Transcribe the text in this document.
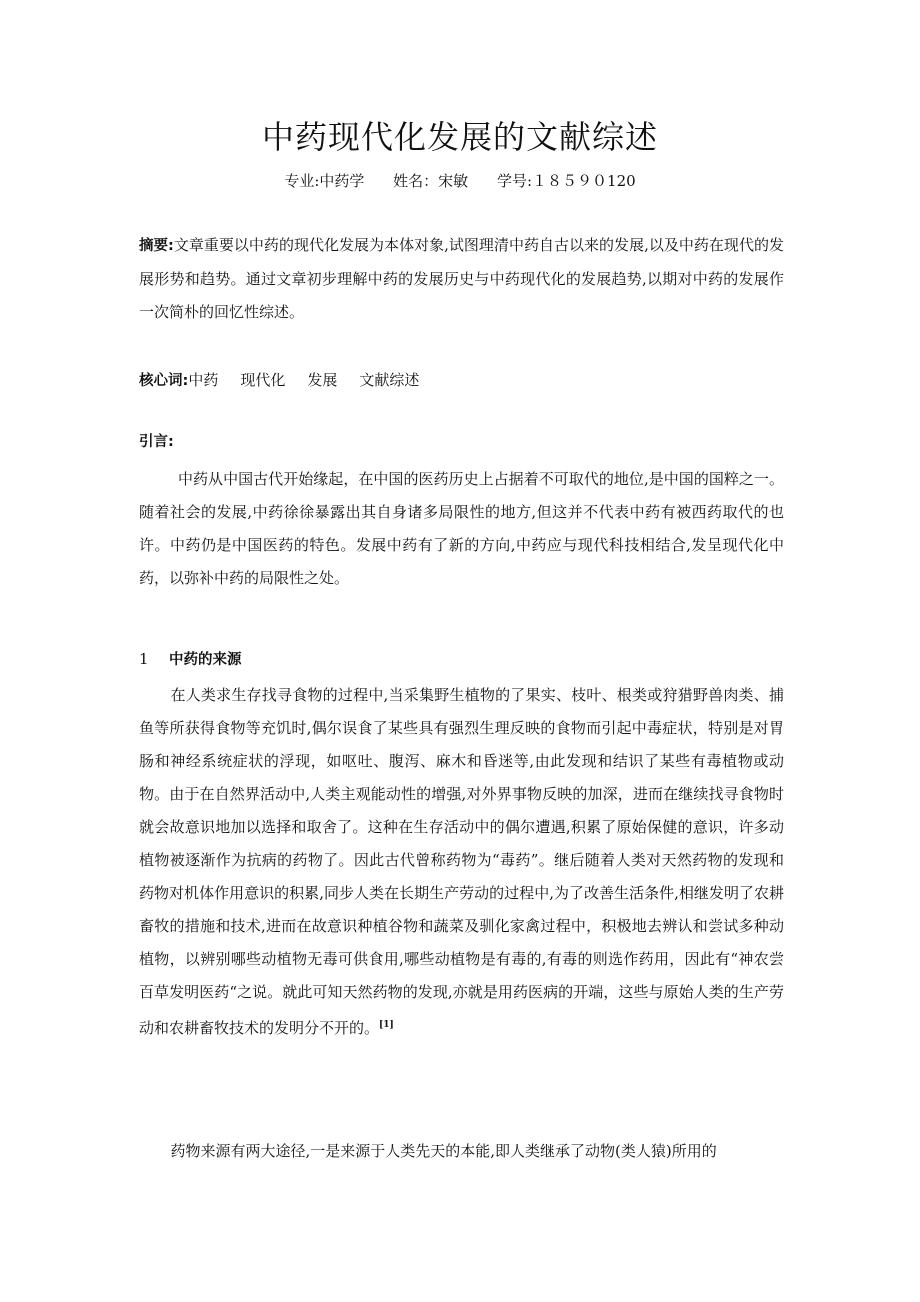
中药现代化发展的文献综述
专业:中药学 姓名：宋敏 学号:１８５９０120

摘要:文章重要以中药的现代化发展为本体对象,试图理清中药自古以来的发展,以及中药在现代的发展形势和趋势。通过文章初步理解中药的发展历史与中药现代化的发展趋势,以期对中药的发展作一次简朴的回忆性综述。

核心词:中药 现代化 发展 文献综述

引言:

中药从中国古代开始缘起，在中国的医药历史上占据着不可取代的地位,是中国的国粹之一。随着社会的发展,中药徐徐暴露出其自身诸多局限性的地方,但这并不代表中药有被西药取代的也许。中药仍是中国医药的特色。发展中药有了新的方向,中药应与现代科技相结合,发呈现代化中药，以弥补中药的局限性之处。

1 中药的来源

在人类求生存找寻食物的过程中,当采集野生植物的了果实、枝叶、根类或狩猎野兽肉类、捕鱼等所获得食物等充饥时,偶尔误食了某些具有强烈生理反映的食物而引起中毒症状，特别是对胃肠和神经系统症状的浮现，如呕吐、腹泻、麻木和昏迷等,由此发现和结识了某些有毒植物或动物。由于在自然界活动中,人类主观能动性的增强,对外界事物反映的加深，进而在继续找寻食物时就会故意识地加以选择和取舍了。这种在生存活动中的偶尔遭遇,积累了原始保健的意识，许多动植物被逐渐作为抗病的药物了。因此古代曾称药物为“毒药”。继后随着人类对天然药物的发现和药物对机体作用意识的积累,同步人类在长期生产劳动的过程中,为了改善生活条件,相继发明了农耕畜牧的措施和技术,进而在故意识种植谷物和蔬菜及驯化家禽过程中，积极地去辨认和尝试多种动植物，以辨别哪些动植物无毒可供食用,哪些动植物是有毒的,有毒的则选作药用，因此有“神农尝百草发明医药“之说。就此可知天然药物的发现,亦就是用药医病的开端，这些与原始人类的生产劳动和农耕畜牧技术的发明分不开的。[1]

药物来源有两大途径,一是来源于人类先天的本能,即人类继承了动物(类人猿)所用的
